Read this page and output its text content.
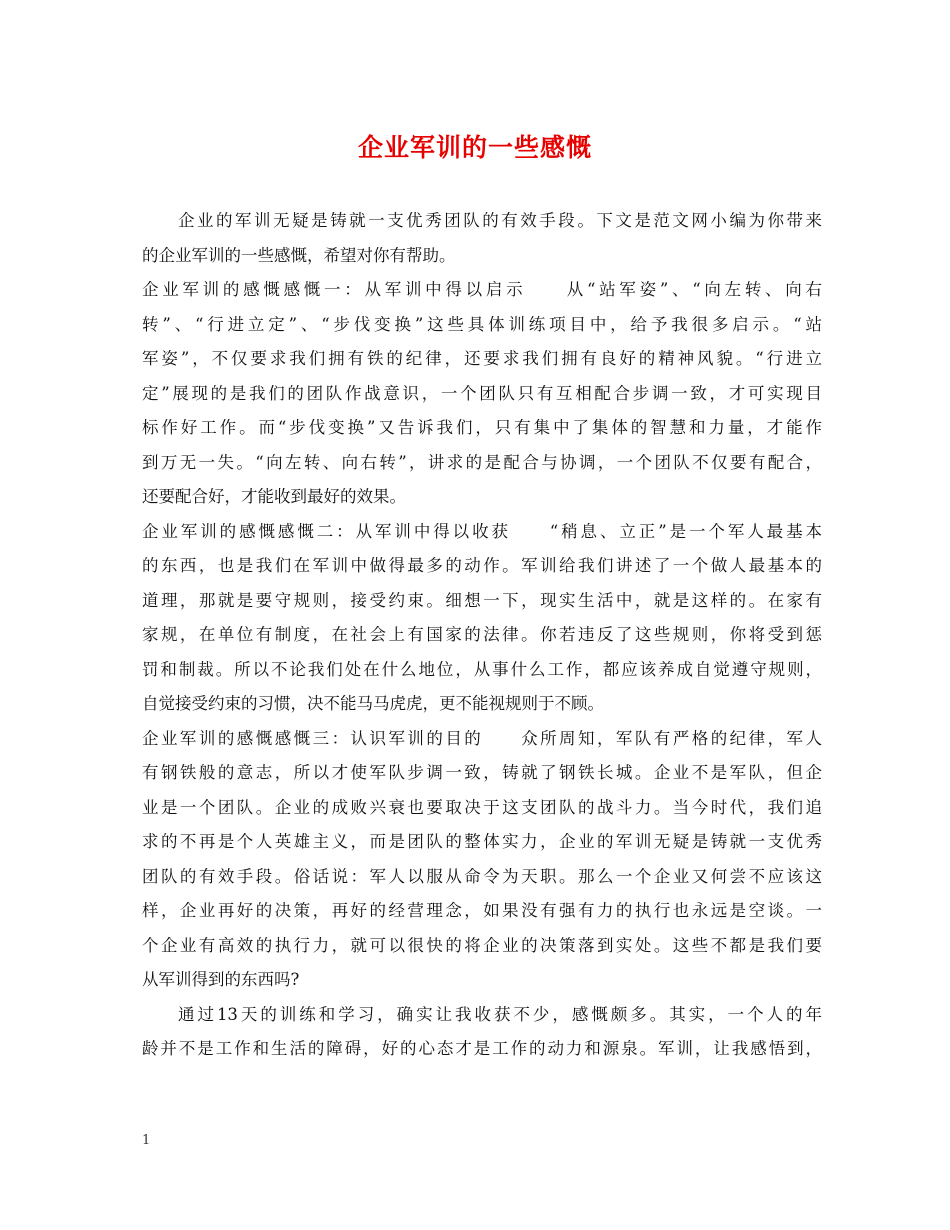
企业军训的一些感慨
企业的军训无疑是铸就一支优秀团队的有效手段。下文是范文网小编为你带来
的企业军训的一些感慨，希望对你有帮助。
企业军训的感慨感慨一：从军训中得以启示　　从“站军姿”、“向左转、向右
转”、“行进立定”、“步伐变换”这些具体训练项目中，给予我很多启示。“站
军姿”，不仅要求我们拥有铁的纪律，还要求我们拥有良好的精神风貌。“行进立
定”展现的是我们的团队作战意识，一个团队只有互相配合步调一致，才可实现目
标作好工作。而“步伐变换”又告诉我们，只有集中了集体的智慧和力量，才能作
到万无一失。“向左转、向右转”，讲求的是配合与协调，一个团队不仅要有配合，
还要配合好，才能收到最好的效果。
企业军训的感慨感慨二：从军训中得以收获　　“稍息、立正”是一个军人最基本
的东西，也是我们在军训中做得最多的动作。军训给我们讲述了一个做人最基本的
道理，那就是要守规则，接受约束。细想一下，现实生活中，就是这样的。在家有
家规，在单位有制度，在社会上有国家的法律。你若违反了这些规则，你将受到惩
罚和制裁。所以不论我们处在什么地位，从事什么工作，都应该养成自觉遵守规则，
自觉接受约束的习惯，决不能马马虎虎，更不能视规则于不顾。
企业军训的感慨感慨三：认识军训的目的　　众所周知，军队有严格的纪律，军人
有钢铁般的意志，所以才使军队步调一致，铸就了钢铁长城。企业不是军队，但企
业是一个团队。企业的成败兴衰也要取决于这支团队的战斗力。当今时代，我们追
求的不再是个人英雄主义，而是团队的整体实力，企业的军训无疑是铸就一支优秀
团队的有效手段。俗话说：军人以服从命令为天职。那么一个企业又何尝不应该这
样，企业再好的决策，再好的经营理念，如果没有强有力的执行也永远是空谈。一
个企业有高效的执行力，就可以很快的将企业的决策落到实处。这些不都是我们要
从军训得到的东西吗?
通过13天的训练和学习，确实让我收获不少，感慨颇多。其实，一个人的年
龄并不是工作和生活的障碍，好的心态才是工作的动力和源泉。军训，让我感悟到，
1
